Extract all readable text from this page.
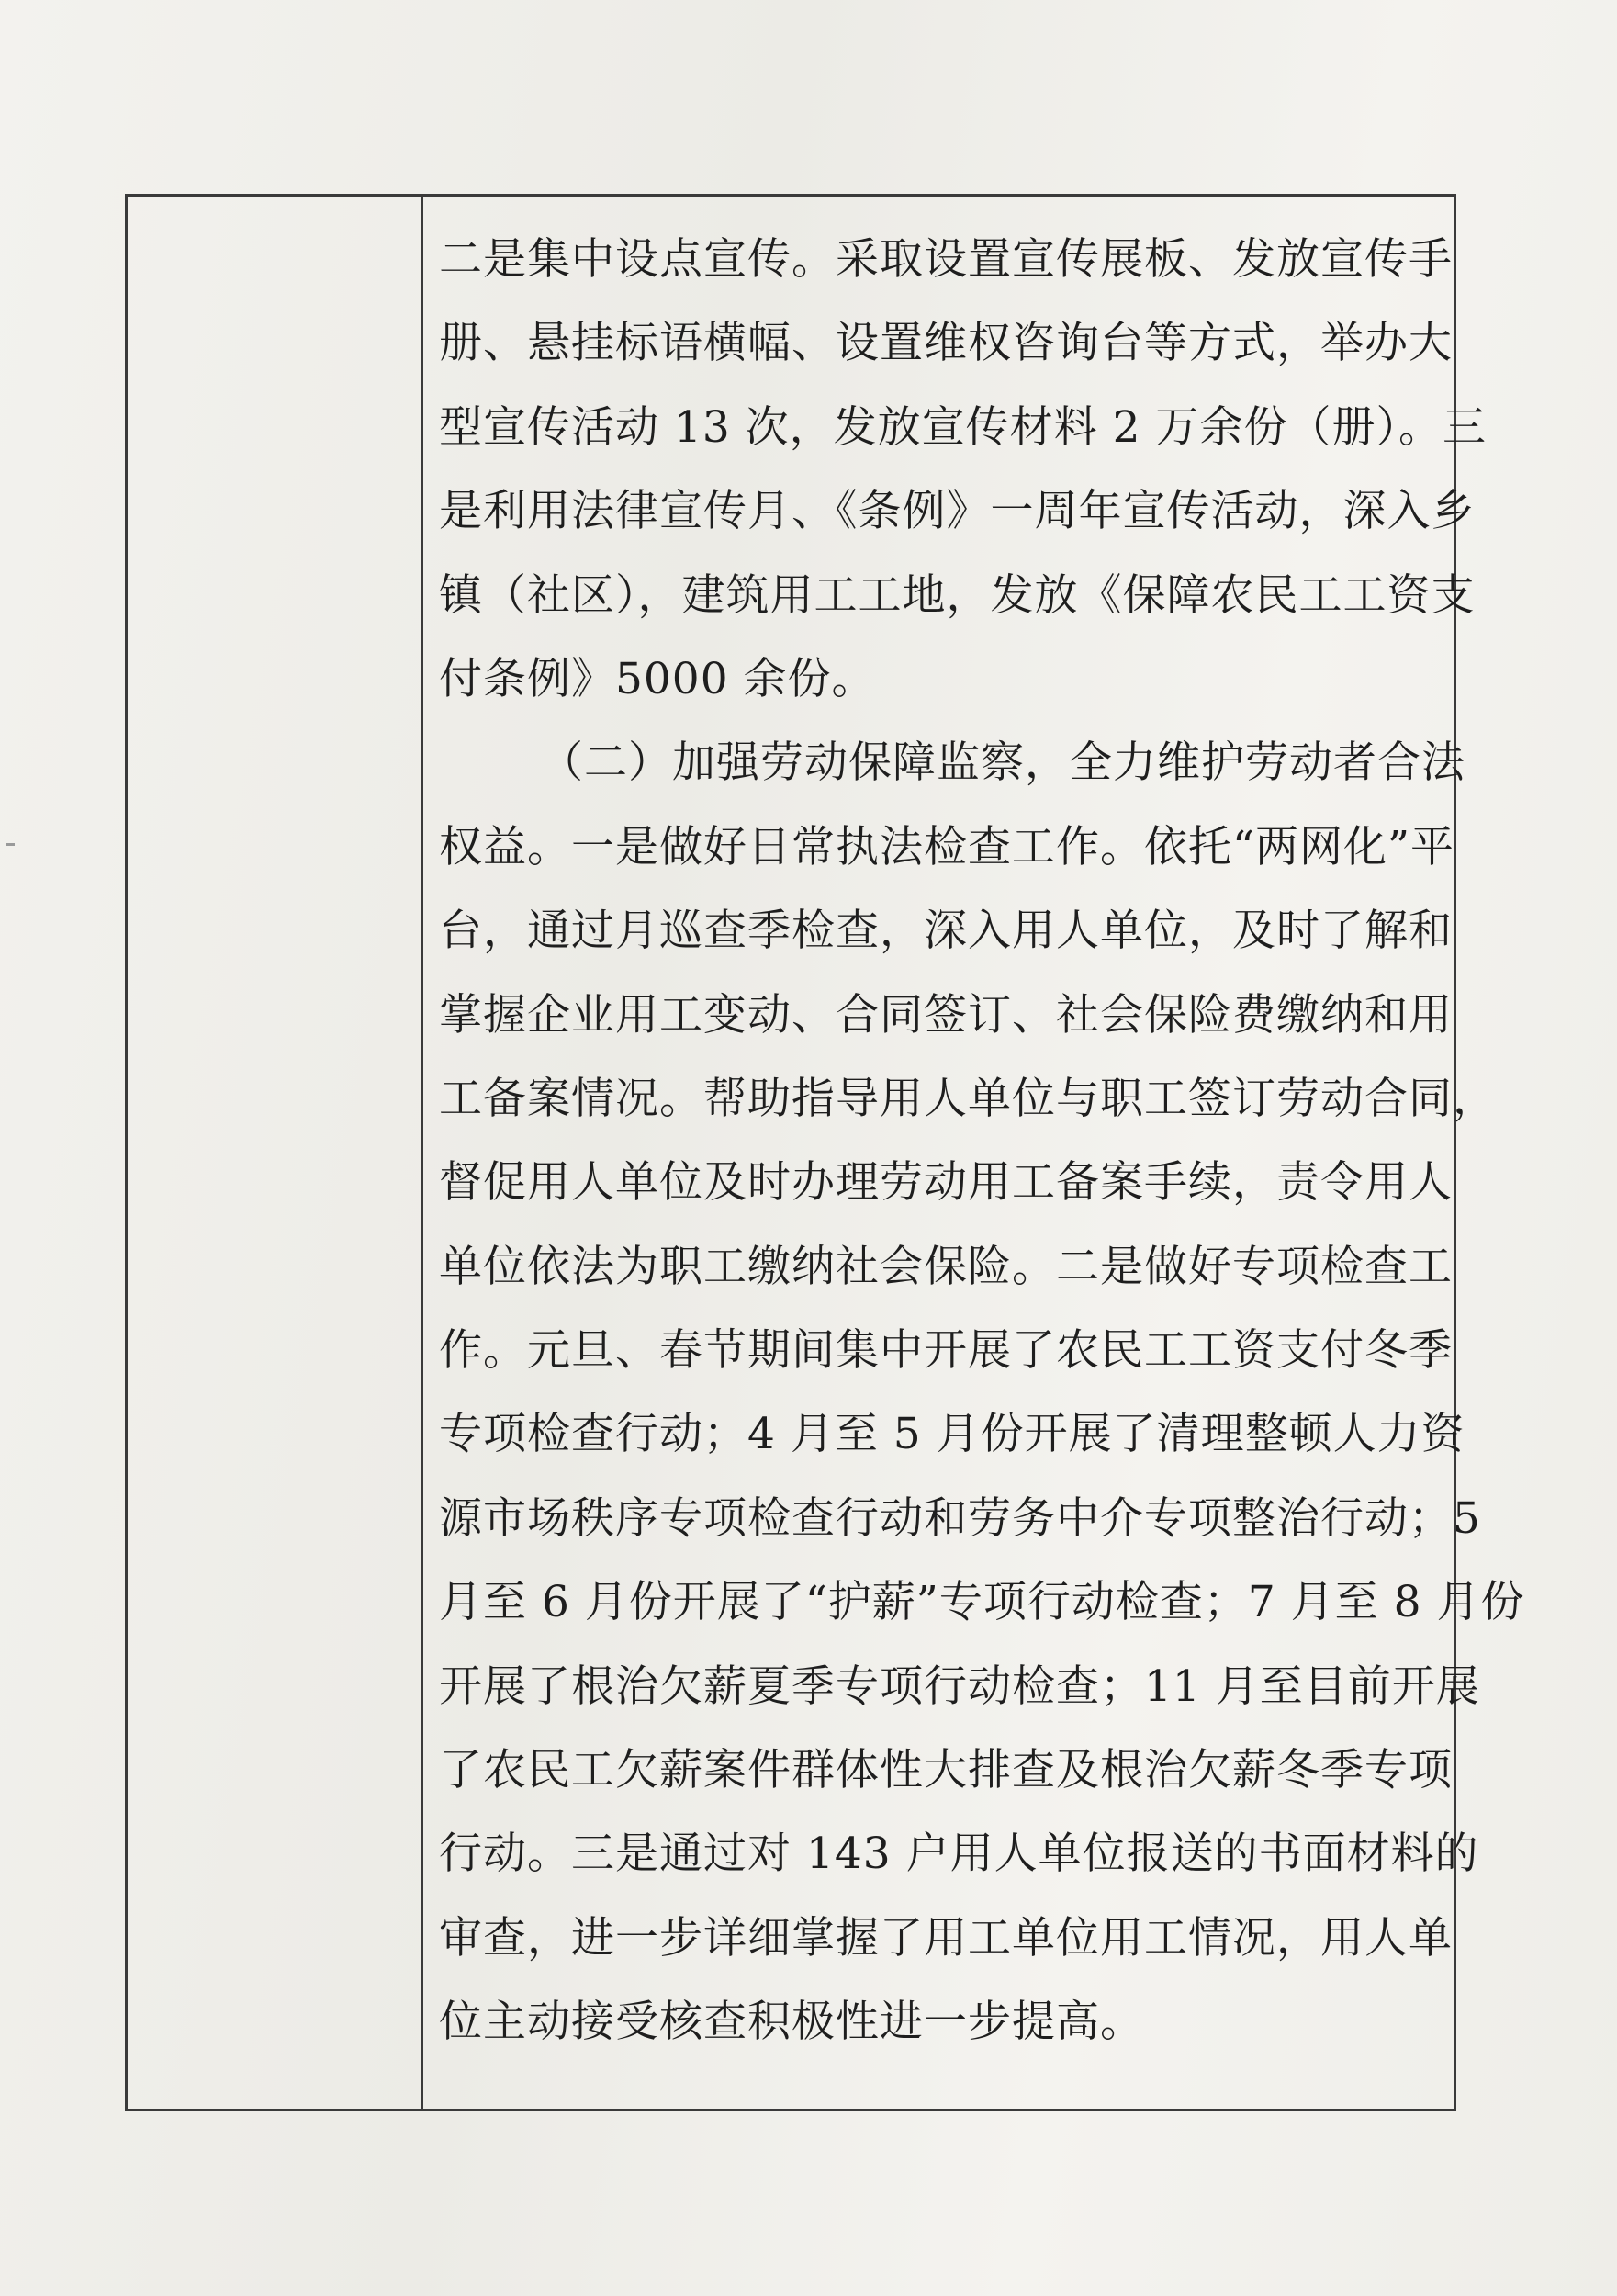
二是集中设点宣传。采取设置宣传展板、发放宣传手
册、悬挂标语横幅、设置维权咨询台等方式，举办大
型宣传活动 13 次，发放宣传材料 2 万余份（册）。三
是利用法律宣传月、《条例》一周年宣传活动，深入乡
镇（社区），建筑用工工地，发放《保障农民工工资支
付条例》5000 余份。
（二）加强劳动保障监察，全力维护劳动者合法
权益。一是做好日常执法检查工作。依托“两网化”平
台，通过月巡查季检查，深入用人单位，及时了解和
掌握企业用工变动、合同签订、社会保险费缴纳和用
工备案情况。帮助指导用人单位与职工签订劳动合同，
督促用人单位及时办理劳动用工备案手续，责令用人
单位依法为职工缴纳社会保险。二是做好专项检查工
作。元旦、春节期间集中开展了农民工工资支付冬季
专项检查行动；4 月至 5 月份开展了清理整顿人力资
源市场秩序专项检查行动和劳务中介专项整治行动；5
月至 6 月份开展了“护薪”专项行动检查；7 月至 8 月份
开展了根治欠薪夏季专项行动检查；11 月至目前开展
了农民工欠薪案件群体性大排查及根治欠薪冬季专项
行动。三是通过对 143 户用人单位报送的书面材料的
审查，进一步详细掌握了用工单位用工情况，用人单
位主动接受核查积极性进一步提高。
